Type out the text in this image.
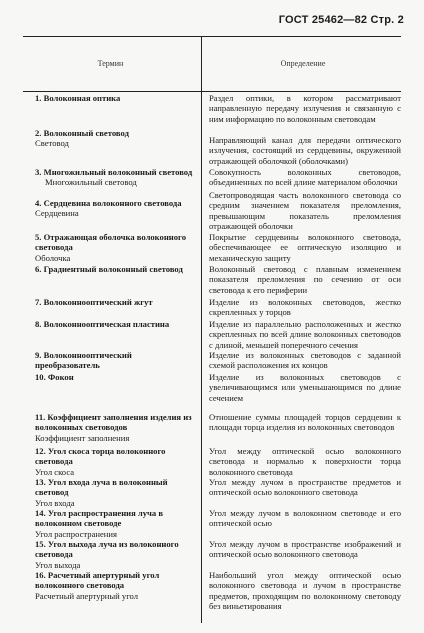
ГОСТ 25462—82 Стр. 2
Термин	Определение
1. Волоконная оптика
2. Волоконный световод
Световод
3. Многожильный волоконный световод
Многожильный световод
4. Сердцевина волоконного световода
Сердцевина
5. Отражающая оболочка волоконного световода
Оболочка
6. Градиентный волоконный световод
7. Волоконнооптический жгут
8. Волоконнооптическая пластина
9. Волоконнооптический преобразователь
10. Фокон
11. Коэффициент заполнения изделия из волоконных световодов
Коэффициент заполнения
12. Угол скоса торца волоконного световода
Угол скоса
13. Угол входа луча в волоконный световод
Угол входа
14. Угол распространения луча в волоконном световоде
Угол распространения
15. Угол выхода луча из волоконного световода
Угол выхода
16. Расчетный апертурный угол волоконного световода
Расчетный апертурный угол
Раздел оптики, в котором рассматривают направленную передачу излучения и связанную с ним информацию по волоконным световодам
Направляющий канал для передачи оптического излучения, состоящий из сердцевины, окруженной отражающей оболочкой (оболочками)
Совокупность волоконных световодов, объединенных по всей длине материалом оболочки
Светопроводящая часть волоконного световода со средним значением показателя преломления, превышающим показатель преломления отражающей оболочки
Покрытие сердцевины волоконного световода, обеспечивающее ее оптическую изоляцию и механическую защиту
Волоконный световод с плавным изменением показателя преломления по сечению от оси световода к его периферии
Изделие из волоконных световодов, жестко скрепленных у торцов
Изделие из параллельно расположенных и жестко скрепленных по всей длине волоконных световодов с длиной, меньшей поперечного сечения
Изделие из волоконных световодов с заданной схемой расположения их концов
Изделие из волоконных световодов с увеличивающимся или уменьшающимся по длине сечением
Отношение суммы площадей торцов сердцевин к площади торца изделия из волоконных световодов
Угол между оптической осью волоконного световода и нормалью к поверхности торца волоконного световода
Угол между лучом в пространстве предметов и оптической осью волоконного световода
Угол между лучом в волоконном световоде и его оптической осью
Угол между лучом в пространстве изображений и оптической осью волоконного световода
Наибольший угол между оптической осью волоконного световода и лучом в пространстве предметов, проходящим по волоконному световоду без виньетирования
